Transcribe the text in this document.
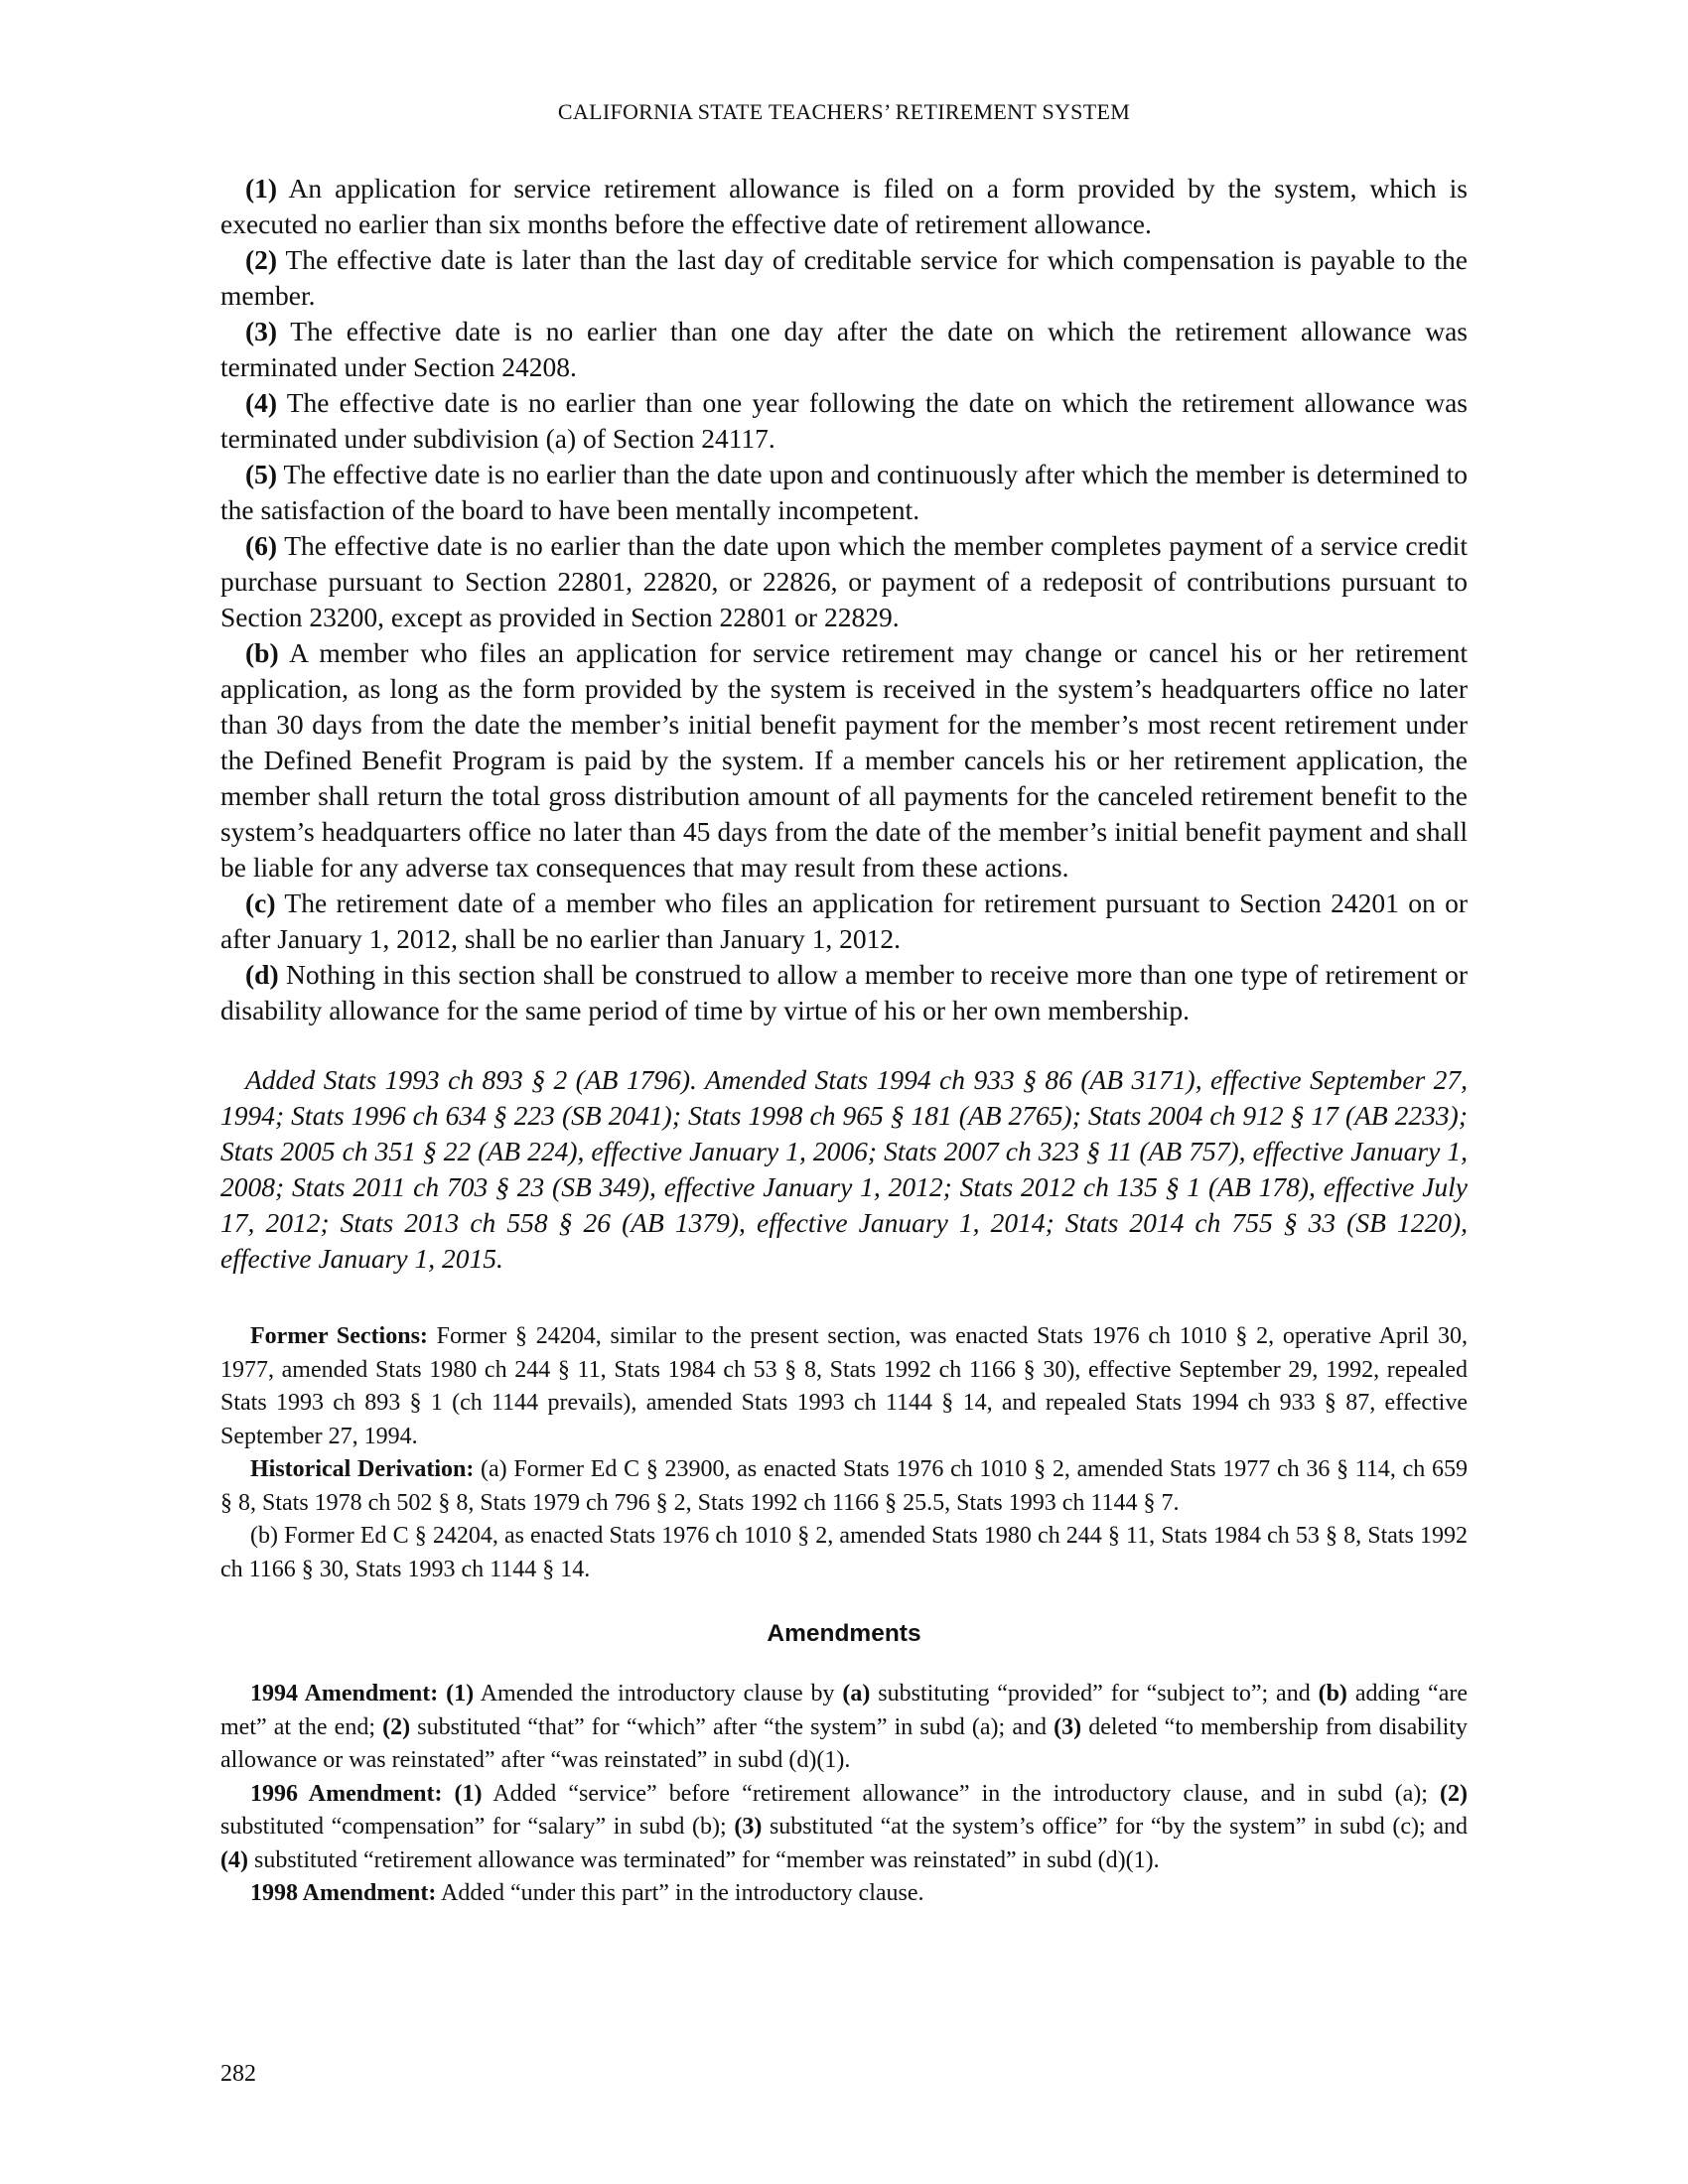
CALIFORNIA STATE TEACHERS’ RETIREMENT SYSTEM

(1) An application for service retirement allowance is filed on a form provided by the system, which is executed no earlier than six months before the effective date of retirement allowance.

(2) The effective date is later than the last day of creditable service for which compensation is payable to the member.

(3) The effective date is no earlier than one day after the date on which the retirement allowance was terminated under Section 24208.

(4) The effective date is no earlier than one year following the date on which the retirement allowance was terminated under subdivision (a) of Section 24117.

(5) The effective date is no earlier than the date upon and continuously after which the member is determined to the satisfaction of the board to have been mentally incompetent.

(6) The effective date is no earlier than the date upon which the member completes payment of a service credit purchase pursuant to Section 22801, 22820, or 22826, or payment of a redeposit of contributions pursuant to Section 23200, except as provided in Section 22801 or 22829.

(b) A member who files an application for service retirement may change or cancel his or her retirement application, as long as the form provided by the system is received in the system’s headquarters office no later than 30 days from the date the member’s initial benefit payment for the member’s most recent retirement under the Defined Benefit Program is paid by the system. If a member cancels his or her retirement application, the member shall return the total gross distribution amount of all payments for the canceled retirement benefit to the system’s headquarters office no later than 45 days from the date of the member’s initial benefit payment and shall be liable for any adverse tax consequences that may result from these actions.

(c) The retirement date of a member who files an application for retirement pursuant to Section 24201 on or after January 1, 2012, shall be no earlier than January 1, 2012.

(d) Nothing in this section shall be construed to allow a member to receive more than one type of retirement or disability allowance for the same period of time by virtue of his or her own membership.

Added Stats 1993 ch 893 § 2 (AB 1796). Amended Stats 1994 ch 933 § 86 (AB 3171), effective September 27, 1994; Stats 1996 ch 634 § 223 (SB 2041); Stats 1998 ch 965 § 181 (AB 2765); Stats 2004 ch 912 § 17 (AB 2233); Stats 2005 ch 351 § 22 (AB 224), effective January 1, 2006; Stats 2007 ch 323 § 11 (AB 757), effective January 1, 2008; Stats 2011 ch 703 § 23 (SB 349), effective January 1, 2012; Stats 2012 ch 135 § 1 (AB 178), effective July 17, 2012; Stats 2013 ch 558 § 26 (AB 1379), effective January 1, 2014; Stats 2014 ch 755 § 33 (SB 1220), effective January 1, 2015.

Former Sections: Former § 24204, similar to the present section, was enacted Stats 1976 ch 1010 § 2, operative April 30, 1977, amended Stats 1980 ch 244 § 11, Stats 1984 ch 53 § 8, Stats 1992 ch 1166 § 30), effective September 29, 1992, repealed Stats 1993 ch 893 § 1 (ch 1144 prevails), amended Stats 1993 ch 1144 § 14, and repealed Stats 1994 ch 933 § 87, effective September 27, 1994.

Historical Derivation: (a) Former Ed C § 23900, as enacted Stats 1976 ch 1010 § 2, amended Stats 1977 ch 36 § 114, ch 659 § 8, Stats 1978 ch 502 § 8, Stats 1979 ch 796 § 2, Stats 1992 ch 1166 § 25.5, Stats 1993 ch 1144 § 7.

(b) Former Ed C § 24204, as enacted Stats 1976 ch 1010 § 2, amended Stats 1980 ch 244 § 11, Stats 1984 ch 53 § 8, Stats 1992 ch 1166 § 30, Stats 1993 ch 1144 § 14.

Amendments

1994 Amendment: (1) Amended the introductory clause by (a) substituting “provided” for “subject to”; and (b) adding “are met” at the end; (2) substituted “that” for “which” after “the system” in subd (a); and (3) deleted “to membership from disability allowance or was reinstated” after “was reinstated” in subd (d)(1).

1996 Amendment: (1) Added “service” before “retirement allowance” in the introductory clause, and in subd (a); (2) substituted “compensation” for “salary” in subd (b); (3) substituted “at the system’s office” for “by the system” in subd (c); and (4) substituted “retirement allowance was terminated” for “member was reinstated” in subd (d)(1).

1998 Amendment: Added “under this part” in the introductory clause.

282
